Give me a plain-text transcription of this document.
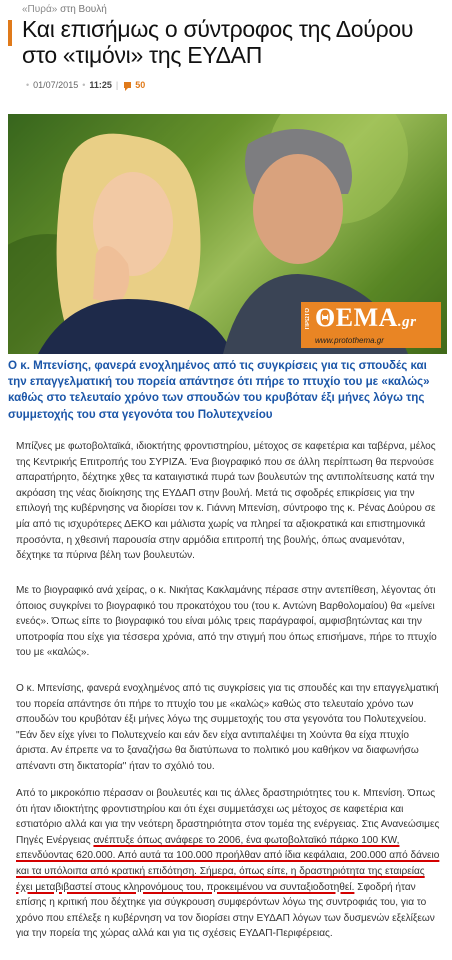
«Πυρά» στη Βουλή
Και επισήμως ο σύντροφος της Δούρου στο «τιμόνι» της ΕΥΔΑΠ
• 01/07/2015 • 11:25 | 50
ΠΡΩΤΟ ΘΕΜΑ.gr
www.protothema.gr

Ο κ. Μπενίσης, φανερά ενοχλημένος από τις συγκρίσεις για τις σπουδές και την επαγγελματική του πορεία απάντησε ότι πήρε το πτυχίο του με «καλώς» καθώς στο τελευταίο χρόνο των σπουδών του κρυβόταν έξι μήνες λόγω της συμμετοχής του στα γεγονότα του Πολυτεχνείου

Μπίζνες με φωτοβολταϊκά, ιδιοκτήτης φροντιστηρίου, μέτοχος σε καφετέρια και ταβέρνα, μέλος της Κεντρικής Επιτροπής του ΣΥΡΙΖΑ. Ένα βιογραφικό που σε άλλη περίπτωση θα περνούσε απαρατήρητο, δέχτηκε χθες τα καταιγιστικά πυρά των βουλευτών της αντιπολίτευσης κατά την ακρόαση της νέας διοίκησης της ΕΥΔΑΠ στην βουλή. Μετά τις σφοδρές επικρίσεις για την επιλογή της κυβέρνησης να διορίσει τον κ. Γιάννη Μπενίση, σύντροφο της κ. Ρένας Δούρου σε μία από τις ισχυρότερες ΔΕΚΟ και μάλιστα χωρίς να πληρεί τα αξιοκρατικά και επιστημονικά προσόντα, η χθεσινή παρουσία στην αρμόδια επιτροπή της βουλής, όπως αναμενόταν, δέχτηκε τα πύρινα βέλη των βουλευτών.

Με το βιογραφικό ανά χείρας, ο κ. Νικήτας Κακλαμάνης πέρασε στην αντεπίθεση, λέγοντας ότι όποιος συγκρίνει το βιογραφικό του προκατόχου του (του κ. Αντώνη Βαρθολομαίου) θα «μείνει ενεός». Όπως είπε το βιογραφικό του είναι μόλις τρεις παράγραφοί, αμφισβητώντας και την υποτροφία που είχε για τέσσερα χρόνια, από την στιγμή που όπως επισήμανε, πήρε το πτυχίο του με «καλώς».

Ο κ. Μπενίσης, φανερά ενοχλημένος από τις συγκρίσεις για τις σπουδές και την επαγγελματική του πορεία απάντησε ότι πήρε το πτυχίο του με «καλώς» καθώς στο τελευταίο χρόνο των σπουδών του κρυβόταν έξι μήνες λόγω της συμμετοχής του στα γεγονότα του Πολυτεχνείου. "Εάν δεν είχε γίνει το Πολυτεχνείο και εάν δεν είχα αντιπαλέψει τη Χούντα θα είχα πτυχίο άριστα. Αν έπρεπε να το ξαναζήσω θα διατύπωνα το πολιτικό μου καθήκον να διαφωνήσω απέναντι στη δικτατορία" ήταν το σχόλιό του.

Από το μικροκόπιο πέρασαν οι βουλευτές και τις άλλες δραστηριότητες του κ. Μπενίση. Όπως ότι ήταν ιδιοκτήτης φροντιστηρίου και ότι έχει συμμετάσχει ως μέτοχος σε καφετέρια και εστιατόριο αλλά και για την νεότερη δραστηριότητα στον τομέα της ενέργειας. Στις Ανανεώσιμες Πηγές Ενέργειας ανέπτυξε όπως ανάφερε το 2006, ένα φωτοβολταϊκό πάρκο 100 KW, επενδύοντας 620.000. Από αυτά τα 100.000 προήλθαν από ίδια κεφάλαια, 200.000 από δάνειο και τα υπόλοιπα από κρατική επιδότηση. Σήμερα, όπως είπε, η δραστηριότητα της εταιρείας έχει μεταβιβαστεί στους κληρονόμους του, προκειμένου να συνταξιοδοτηθεί. Σφοδρή ήταν επίσης η κριτική που δέχτηκε για σύγκρουση συμφερόντων λόγω της συντροφιάς του, για το χρόνο που επέλεξε η κυβέρνηση να τον διορίσει στην ΕΥΔΑΠ λόγων των δυσμενών εξελίξεων για την πορεία της χώρας αλλά και για τις σχέσεις ΕΥΔΑΠ-Περιφέρειας.
